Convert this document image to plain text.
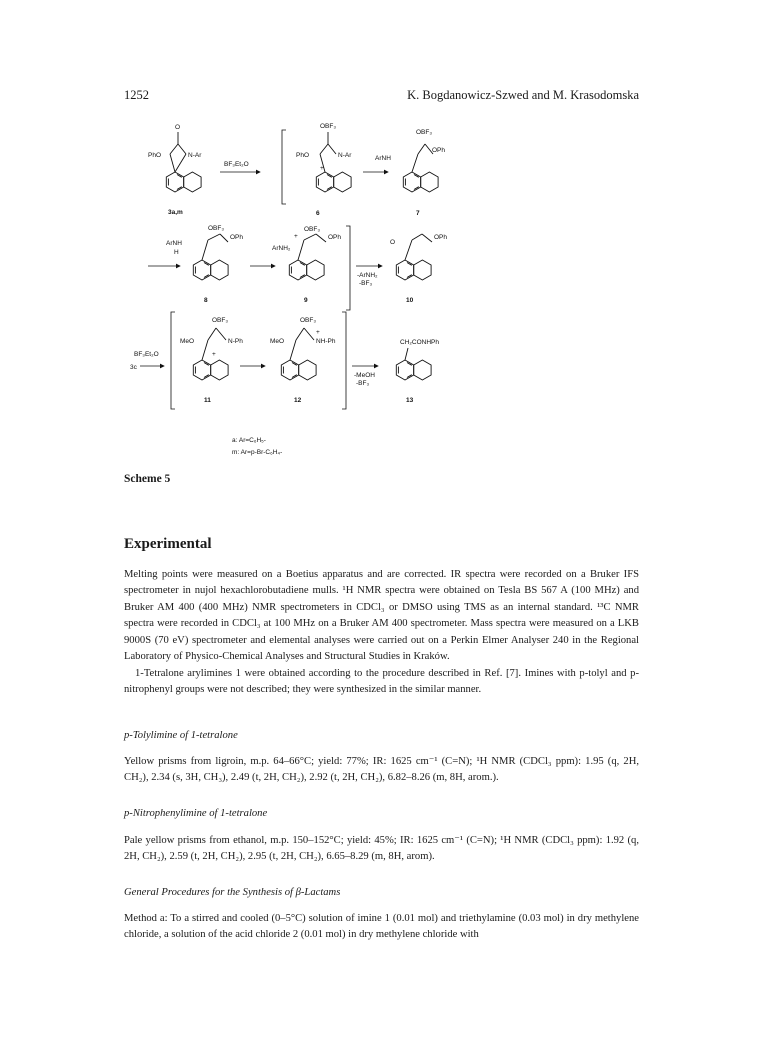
1252	K. Bogdanowicz-Szwed and M. Krasodomska
O
PhO	N-Ar
3a,m
BF₃Et₂O
OBF₃
PhO	N-Ar
+
6
OBF₃
ArNH
OPh
7
OBF₃
ArNH
H
OPh
8
OBF₃
ArNH₂
+	OPh
9
-ArNH₂
-BF₃
O
OPh
10
BF₃Et₂O
3c
OBF₃
MeO	N-Ph
+
11
OBF₃
MeO	NH-Ph
+
12
-MeOH
-BF₃
CH₂CONHPh
13
a: Ar=C₆H₅-
m: Ar=p-Br-C₆H₄-
Scheme 5
Experimental

Melting points were measured on a Boetius apparatus and are corrected. IR spectra were recorded on a Bruker IFS spectrometer in nujol hexachlorobutadiene mulls. ¹H NMR spectra were obtained on Tesla BS 567 A (100 MHz) and Bruker AM 400 (400 MHz) NMR spectrometers in CDCl₃ or DMSO using TMS as an internal standard. ¹³C NMR spectra were recorded in CDCl₃ at 100 MHz on a Bruker AM 400 spectrometer. Mass spectra were measured on a LKB 9000S (70 eV) spectrometer and elemental analyses were carried out on a Perkin Elmer Analyser 240 in the Regional Laboratory of Physico-Chemical Analyses and Structural Studies in Kraków.

1-Tetralone arylimines 1 were obtained according to the procedure described in Ref. [7]. Imines with p-tolyl and p-nitrophenyl groups were not described; they were synthesized in the similar manner.

p-Tolylimine of 1-tetralone

Yellow prisms from ligroin, m.p. 64–66°C; yield: 77%; IR: 1625 cm⁻¹ (C=N); ¹H NMR (CDCl₃ ppm): 1.95 (q, 2H, CH₂), 2.34 (s, 3H, CH₃), 2.49 (t, 2H, CH₂), 2.92 (t, 2H, CH₂), 6.82–8.26 (m, 8H, arom.).

p-Nitrophenylimine of 1-tetralone

Pale yellow prisms from ethanol, m.p. 150–152°C; yield: 45%; IR: 1625 cm⁻¹ (C=N); ¹H NMR (CDCl₃ ppm): 1.92 (q, 2H, CH₂), 2.59 (t, 2H, CH₂), 2.95 (t, 2H, CH₂), 6.65–8.29 (m, 8H, arom).

General Procedures for the Synthesis of β-Lactams

Method a: To a stirred and cooled (0–5°C) solution of imine 1 (0.01 mol) and triethylamine (0.03 mol) in dry methylene chloride, a solution of the acid chloride 2 (0.01 mol) in dry methylene chloride with
